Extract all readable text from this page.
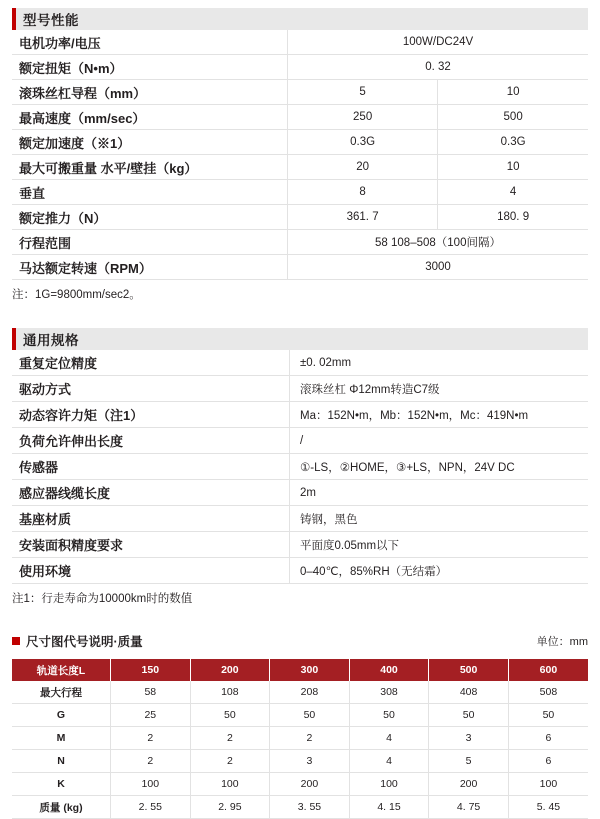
型号性能
电机功率/电压	100W/DC24V	
额定扭矩（N•m）	0. 32	
滚珠丝杠导程（mm）	5	10
最高速度（mm/sec）	250	500
额定加速度（※1）	0.3G	0.3G
最大可搬重量 水平/壁挂（kg）	20	10
垂直	8	4
额定推力（N）	361. 7	180. 9
行程范围	58 108–508（100间隔）	
马达额定转速（RPM）	3000	
注：1G=9800mm/sec2。
通用规格
重复定位精度	±0. 02mm
驱动方式	滚珠丝杠 Φ12mm转造C7级
动态容许力矩（注1）	Ma：152N•m，Mb：152N•m，Mc：419N•m
负荷允许伸出长度	/
传感器	①-LS，②HOME，③+LS，NPN，24V DC
感应器线缆长度	2m
基座材质	铸钢，黑色
安装面积精度要求	平面度0.05mm以下
使用环境	0–40℃，85%RH（无结霜）
注1：行走寿命为10000km时的数值
尺寸图代号说明·质量	单位：mm
轨道长度L	150	200	300	400	500	600
最大行程	58	108	208	308	408	508
G	25	50	50	50	50	50
M	2	2	2	4	3	6
N	2	2	3	4	5	6
K	100	100	200	100	200	100
质量 (kg)	2. 55	2. 95	3. 55	4. 15	4. 75	5. 45
